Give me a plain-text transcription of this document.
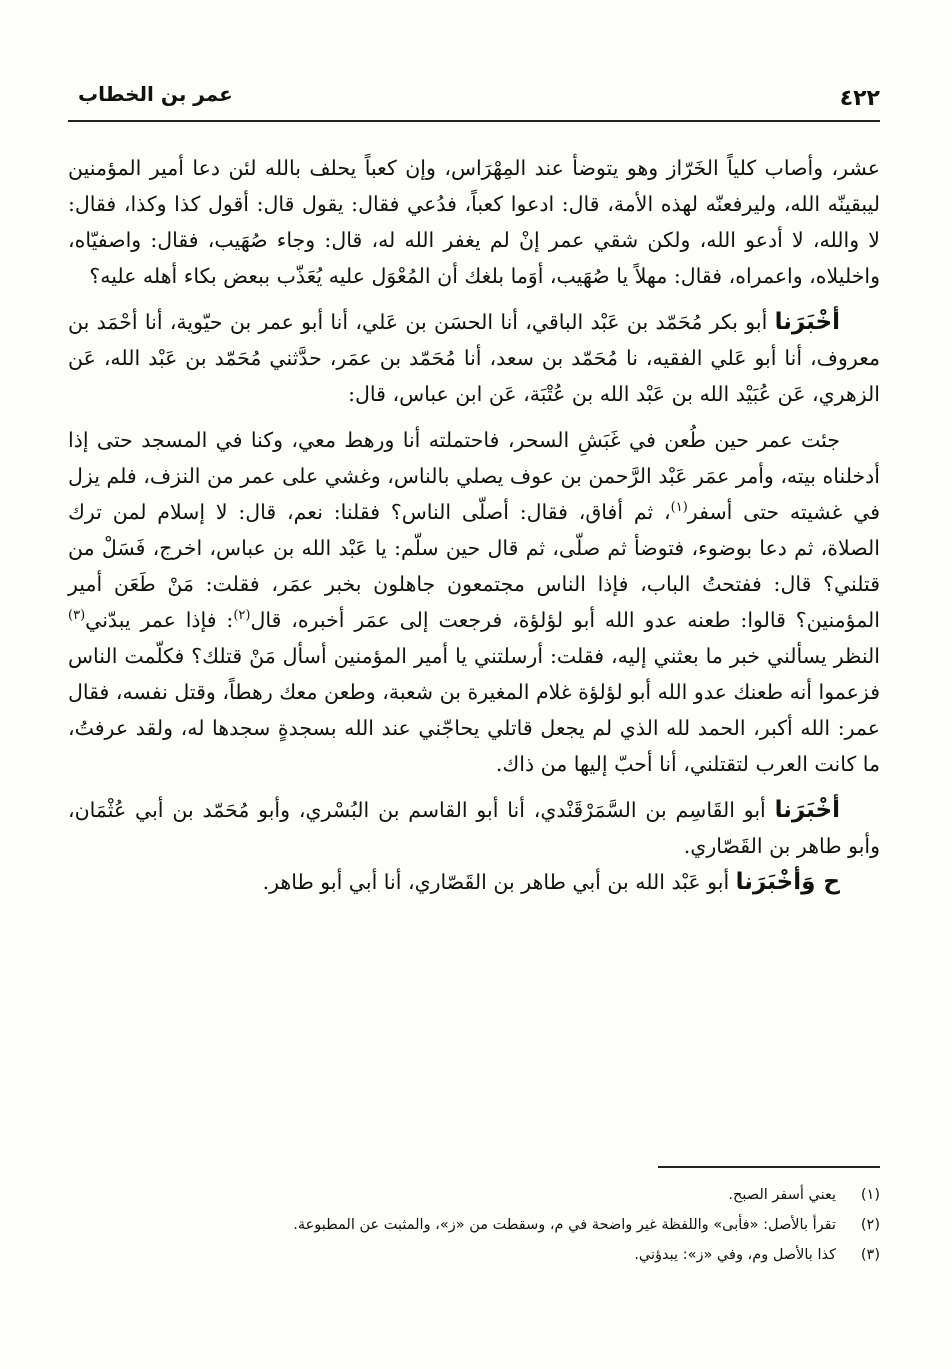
٤٢٢
عمر بن الخطاب

عشر، وأصاب كلياً الخَرّاز وهو يتوضأ عند المِهْرَاس، وإن كعباً يحلف بالله لئن دعا أمير المؤمنين ليبقينّه الله، وليرفعنّه لهذه الأمة، قال: ادعوا كعباً، فدُعي فقال: يقول قال: أقول كذا وكذا، فقال: لا والله، لا أدعو الله، ولكن شقي عمر إنْ لم يغفر الله له، قال: وجاء صُهَيب، فقال: واصفيّاه، واخليلاه، واعمراه، فقال: مهلاً يا صُهَيب، أوَما بلغك أن المُعْوَل عليه يُعَذّب ببعض بكاء أهله عليه؟

أخْبَرَنا أبو بكر مُحَمّد بن عَبْد الباقي، أنا الحسَن بن عَلي، أنا أبو عمر بن حيّوية، أنا أحْمَد بن معروف، أنا أبو عَلي الفقيه، نا مُحَمّد بن سعد، أنا مُحَمّد بن عمَر، حدَّثني مُحَمّد بن عَبْد الله، عَن الزهري، عَن عُبَيْد الله بن عَبْد الله بن عُتْبَة، عَن ابن عباس، قال:

جئت عمر حين طُعن في غَبَشِ السحر، فاحتملته أنا ورهط معي، وكنا في المسجد حتى إذا أدخلناه بيته، وأمر عمَر عَبْد الرَّحمن بن عوف يصلي بالناس، وغشي على عمر من النزف، فلم يزل في غشيته حتى أسفر$^{(١)}$، ثم أفاق، فقال: أصلّى الناس؟ فقلنا: نعم، قال: لا إسلام لمن ترك الصلاة، ثم دعا بوضوء، فتوضأ ثم صلّى، ثم قال حين سلّم: يا عَبْد الله بن عباس، اخرج، فَسَلْ من قتلني؟ قال: ففتحتُ الباب، فإذا الناس مجتمعون جاهلون بخبر عمَر، فقلت: مَنْ طَعَن أمير المؤمنين؟ قالوا: طعنه عدو الله أبو لؤلؤة، فرجعت إلى عمَر أخبره، قال$^{(٢)}$: فإذا عمر يبدّني$^{(٣)}$ النظر يسألني خبر ما بعثني إليه، فقلت: أرسلتني يا أمير المؤمنين أسأل مَنْ قتلك؟ فكلّمت الناس فزعموا أنه طعنك عدو الله أبو لؤلؤة غلام المغيرة بن شعبة، وطعن معك رهطاً، وقتل نفسه، فقال عمر: الله أكبر، الحمد لله الذي لم يجعل قاتلي يحاجّني عند الله بسجدةٍ سجدها له، ولقد عرفتُ، ما كانت العرب لتقتلني، أنا أحبّ إليها من ذاك.

أخْبَرَنا أبو القَاسِم بن السَّمَرْقَنْدي، أنا أبو القاسم بن البُسْري، وأبو مُحَمّد بن أبي عُثْمَان، وأبو طاهر بن القَصّاري.

ح وَأخْبَرَنا أبو عَبْد الله بن أبي طاهر بن القَصّاري، أنا أبي أبو طاهر.

(١)
يعني أسفر الصبح.

(٢)
تقرأ بالأصل: «فأبى» واللفظة غير واضحة في م، وسقطت من «ز»، والمثبت عن المطبوعة.

(٣)
كذا بالأصل وم، وفي «ز»: يبدؤني.
